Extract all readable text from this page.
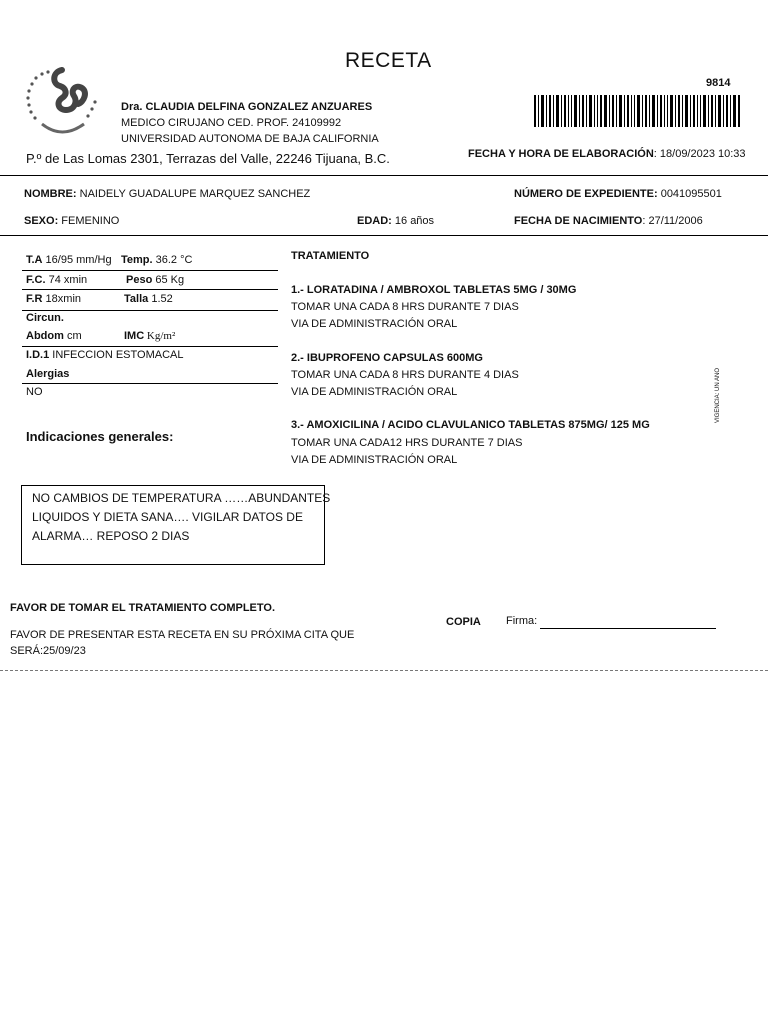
RECETA
9814
Dra. CLAUDIA DELFINA GONZALEZ ANZUARES
MEDICO CIRUJANO CED. PROF. 24109992
UNIVERSIDAD AUTONOMA DE BAJA CALIFORNIA
P.º de Las Lomas 2301, Terrazas del Valle, 22246 Tijuana, B.C.	FECHA Y HORA DE ELABORACIÓN: 18/09/2023 10:33
NOMBRE: NAIDELY GUADALUPE MARQUEZ SANCHEZ	NÚMERO DE EXPEDIENTE: 0041095501
SEXO: FEMENINO	EDAD: 16 años	FECHA DE NACIMIENTO: 27/11/2006
T.A 16/95 mm/Hg Temp. 36.2 °C
F.C. 74 xmin	Peso 65 Kg
F.R 18xmin	Talla 1.52
Circun.
Abdom cm	IMC Kg/m²
I.D.1 INFECCION ESTOMACAL
Alergias
NO
Indicaciones generales:
NO CAMBIOS DE TEMPERATURA ……ABUNDANTES
LIQUIDOS Y DIETA SANA…. VIGILAR DATOS DE
ALARMA… REPOSO 2 DIAS
TRATAMIENTO
1.- LORATADINA / AMBROXOL TABLETAS 5MG / 30MG
TOMAR UNA CADA 8 HRS DURANTE 7 DIAS
VIA DE ADMINISTRACIÓN ORAL
2.- IBUPROFENO CAPSULAS 600MG
TOMAR UNA CADA 8 HRS DURANTE 4 DIAS
VIA DE ADMINISTRACIÓN ORAL
3.- AMOXICILINA / ACIDO CLAVULANICO TABLETAS 875MG/ 125 MG
TOMAR UNA CADA12 HRS DURANTE 7 DIAS
VIA DE ADMINISTRACIÓN ORAL
VIGENCIA: UN AÑO
FAVOR DE TOMAR EL TRATAMIENTO COMPLETO.
FAVOR DE PRESENTAR ESTA RECETA EN SU PRÓXIMA CITA QUE
SERÁ:25/09/23
COPIA Firma:
